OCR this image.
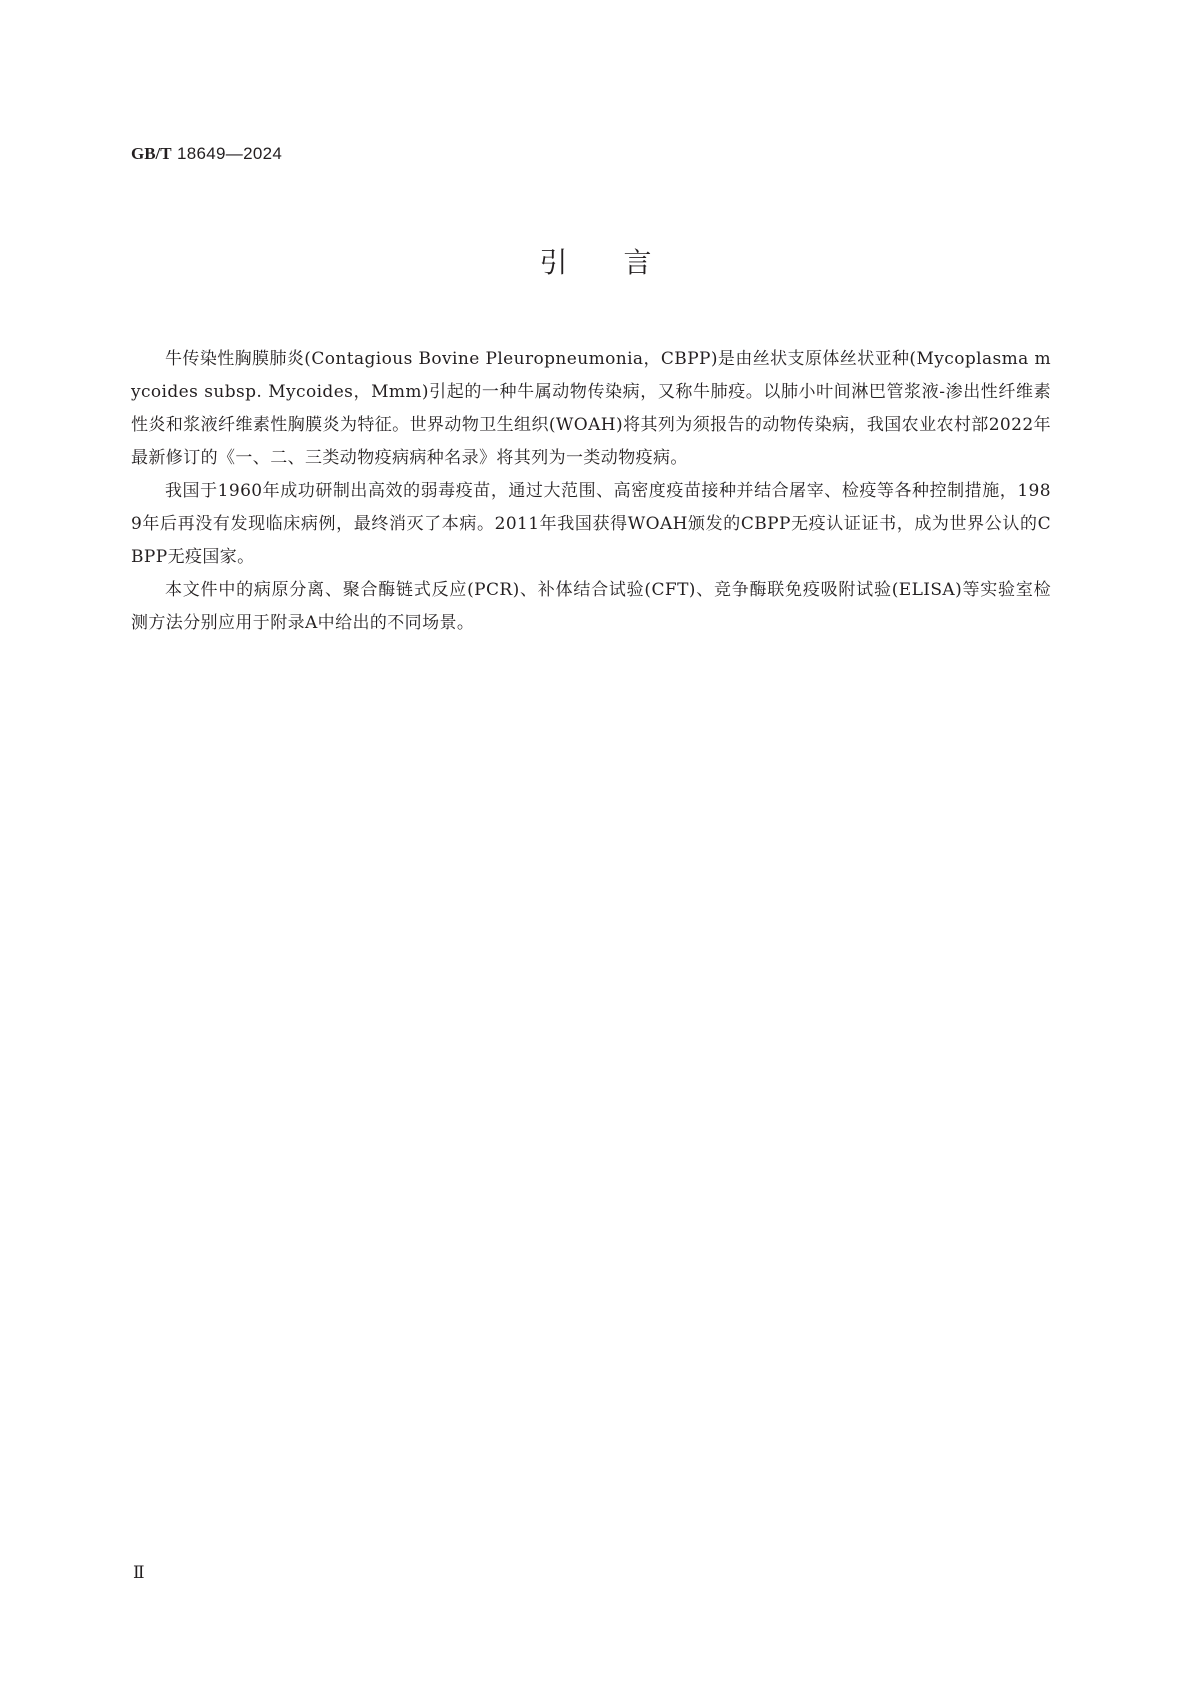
GB/T 18649—2024
引言

牛传染性胸膜肺炎(Contagious Bovine Pleuropneumonia，CBPP)是由丝状支原体丝状亚种(Mycoplasma mycoides subsp. Mycoides，Mmm)引起的一种牛属动物传染病，又称牛肺疫。以肺小叶间淋巴管浆液-渗出性纤维素性炎和浆液纤维素性胸膜炎为特征。世界动物卫生组织(WOAH)将其列为须报告的动物传染病，我国农业农村部2022年最新修订的《一、二、三类动物疫病病种名录》将其列为一类动物疫病。

我国于1960年成功研制出高效的弱毒疫苗，通过大范围、高密度疫苗接种并结合屠宰、检疫等各种控制措施，1989年后再没有发现临床病例，最终消灭了本病。2011年我国获得WOAH颁发的CBPP无疫认证证书，成为世界公认的CBPP无疫国家。

本文件中的病原分离、聚合酶链式反应(PCR)、补体结合试验(CFT)、竞争酶联免疫吸附试验(ELISA)等实验室检测方法分别应用于附录A中给出的不同场景。

Ⅱ
